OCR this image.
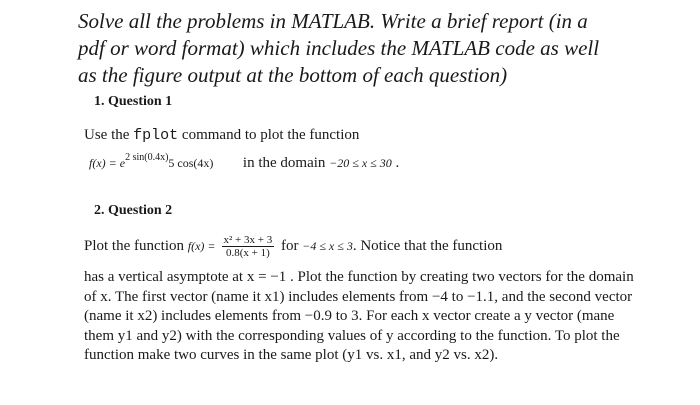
Solve all the problems in MATLAB. Write a brief report (in a
pdf or word format) which includes the MATLAB code as well
as the figure output at the bottom of each question)
1. Question 1
Use the fplot command to plot the function
$f(x) = e^{2 sin(0.4x)}5$ cos(4x) in the domain −20 ≤ x ≤ 30 .
2. Question 2
Plot the function $f(x) = \frac{\text{x² + 3x + 3}}{0.8(x + 1)}$ for −4 ≤ x ≤ 3. Notice that the function
has a vertical asymptote at x = −1 . Plot the function by creating two vectors for the domain of x. The first vector (name it x1) includes elements from −4 to −1.1, and the second vector (name it x2) includes elements from −0.9 to 3. For each x vector create a y vector (mane them y1 and y2) with the corresponding values of y according to the function. To plot the function make two curves in the same plot (y1 vs. x1, and y2 vs. x2).
